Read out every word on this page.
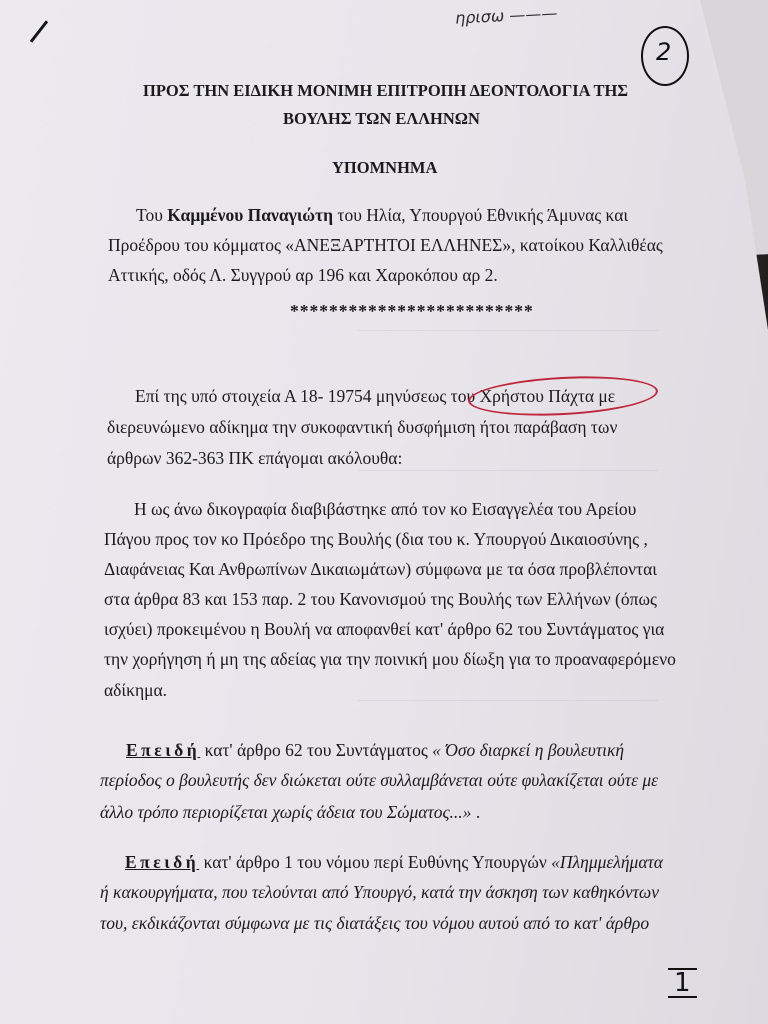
ηρισω ———
2
ΠΡΟΣ ΤΗΝ ΕΙΔΙΚΗ ΜΟΝΙΜΗ ΕΠΙΤΡΟΠΗ ΔΕΟΝΤΟΛΟΓΙΑ ΤΗΣ
ΒΟΥΛΗΣ ΤΩΝ ΕΛΛΗΝΩΝ
ΥΠΟΜΝΗΜΑ
Του Καμμένου Παναγιώτη του Ηλία, Υπουργού Εθνικής Άμυνας και
Προέδρου του κόμματος «ΑΝΕΞΑΡΤΗΤΟΙ ΕΛΛΗΝΕΣ», κατοίκου Καλλιθέας
Αττικής, οδός Λ. Συγγρού αρ 196 και Χαροκόπου αρ 2.
*************************
Επί της υπό στοιχεία Α 18- 19754 μηνύσεως του Χρήστου Πάχτα με
διερευνώμενο αδίκημα την συκοφαντική δυσφήμιση ήτοι παράβαση των
άρθρων 362-363 ΠΚ επάγομαι ακόλουθα:
Η ως άνω δικογραφία διαβιβάστηκε από τον κο Εισαγγελέα του Αρείου
Πάγου προς τον κο Πρόεδρο της Βουλής (δια του κ. Υπουργού Δικαιοσύνης ,
Διαφάνειας Και Ανθρωπίνων Δικαιωμάτων) σύμφωνα με τα όσα προβλέπονται
στα άρθρα 83 και 153 παρ. 2 του Κανονισμού της Βουλής των Ελλήνων (όπως
ισχύει) προκειμένου η Βουλή να αποφανθεί κατ' άρθρο 62 του Συντάγματος για
την χορήγηση ή μη της αδείας για την ποινική μου δίωξη για το προαναφερόμενο
αδίκημα.
Επειδή κατ' άρθρο 62 του Συντάγματος « Όσο διαρκεί η βουλευτική
περίοδος ο βουλευτής δεν διώκεται ούτε συλλαμβάνεται ούτε φυλακίζεται ούτε με
άλλο τρόπο περιορίζεται χωρίς άδεια του Σώματος...» .
Επειδή κατ' άρθρο 1 του νόμου περί Ευθύνης Υπουργών «Πλημμελήματα
ή κακουργήματα, που τελούνται από Υπουργό, κατά την άσκηση των καθηκόντων
του, εκδικάζονται σύμφωνα με τις διατάξεις του νόμου αυτού από το κατ' άρθρο
1
